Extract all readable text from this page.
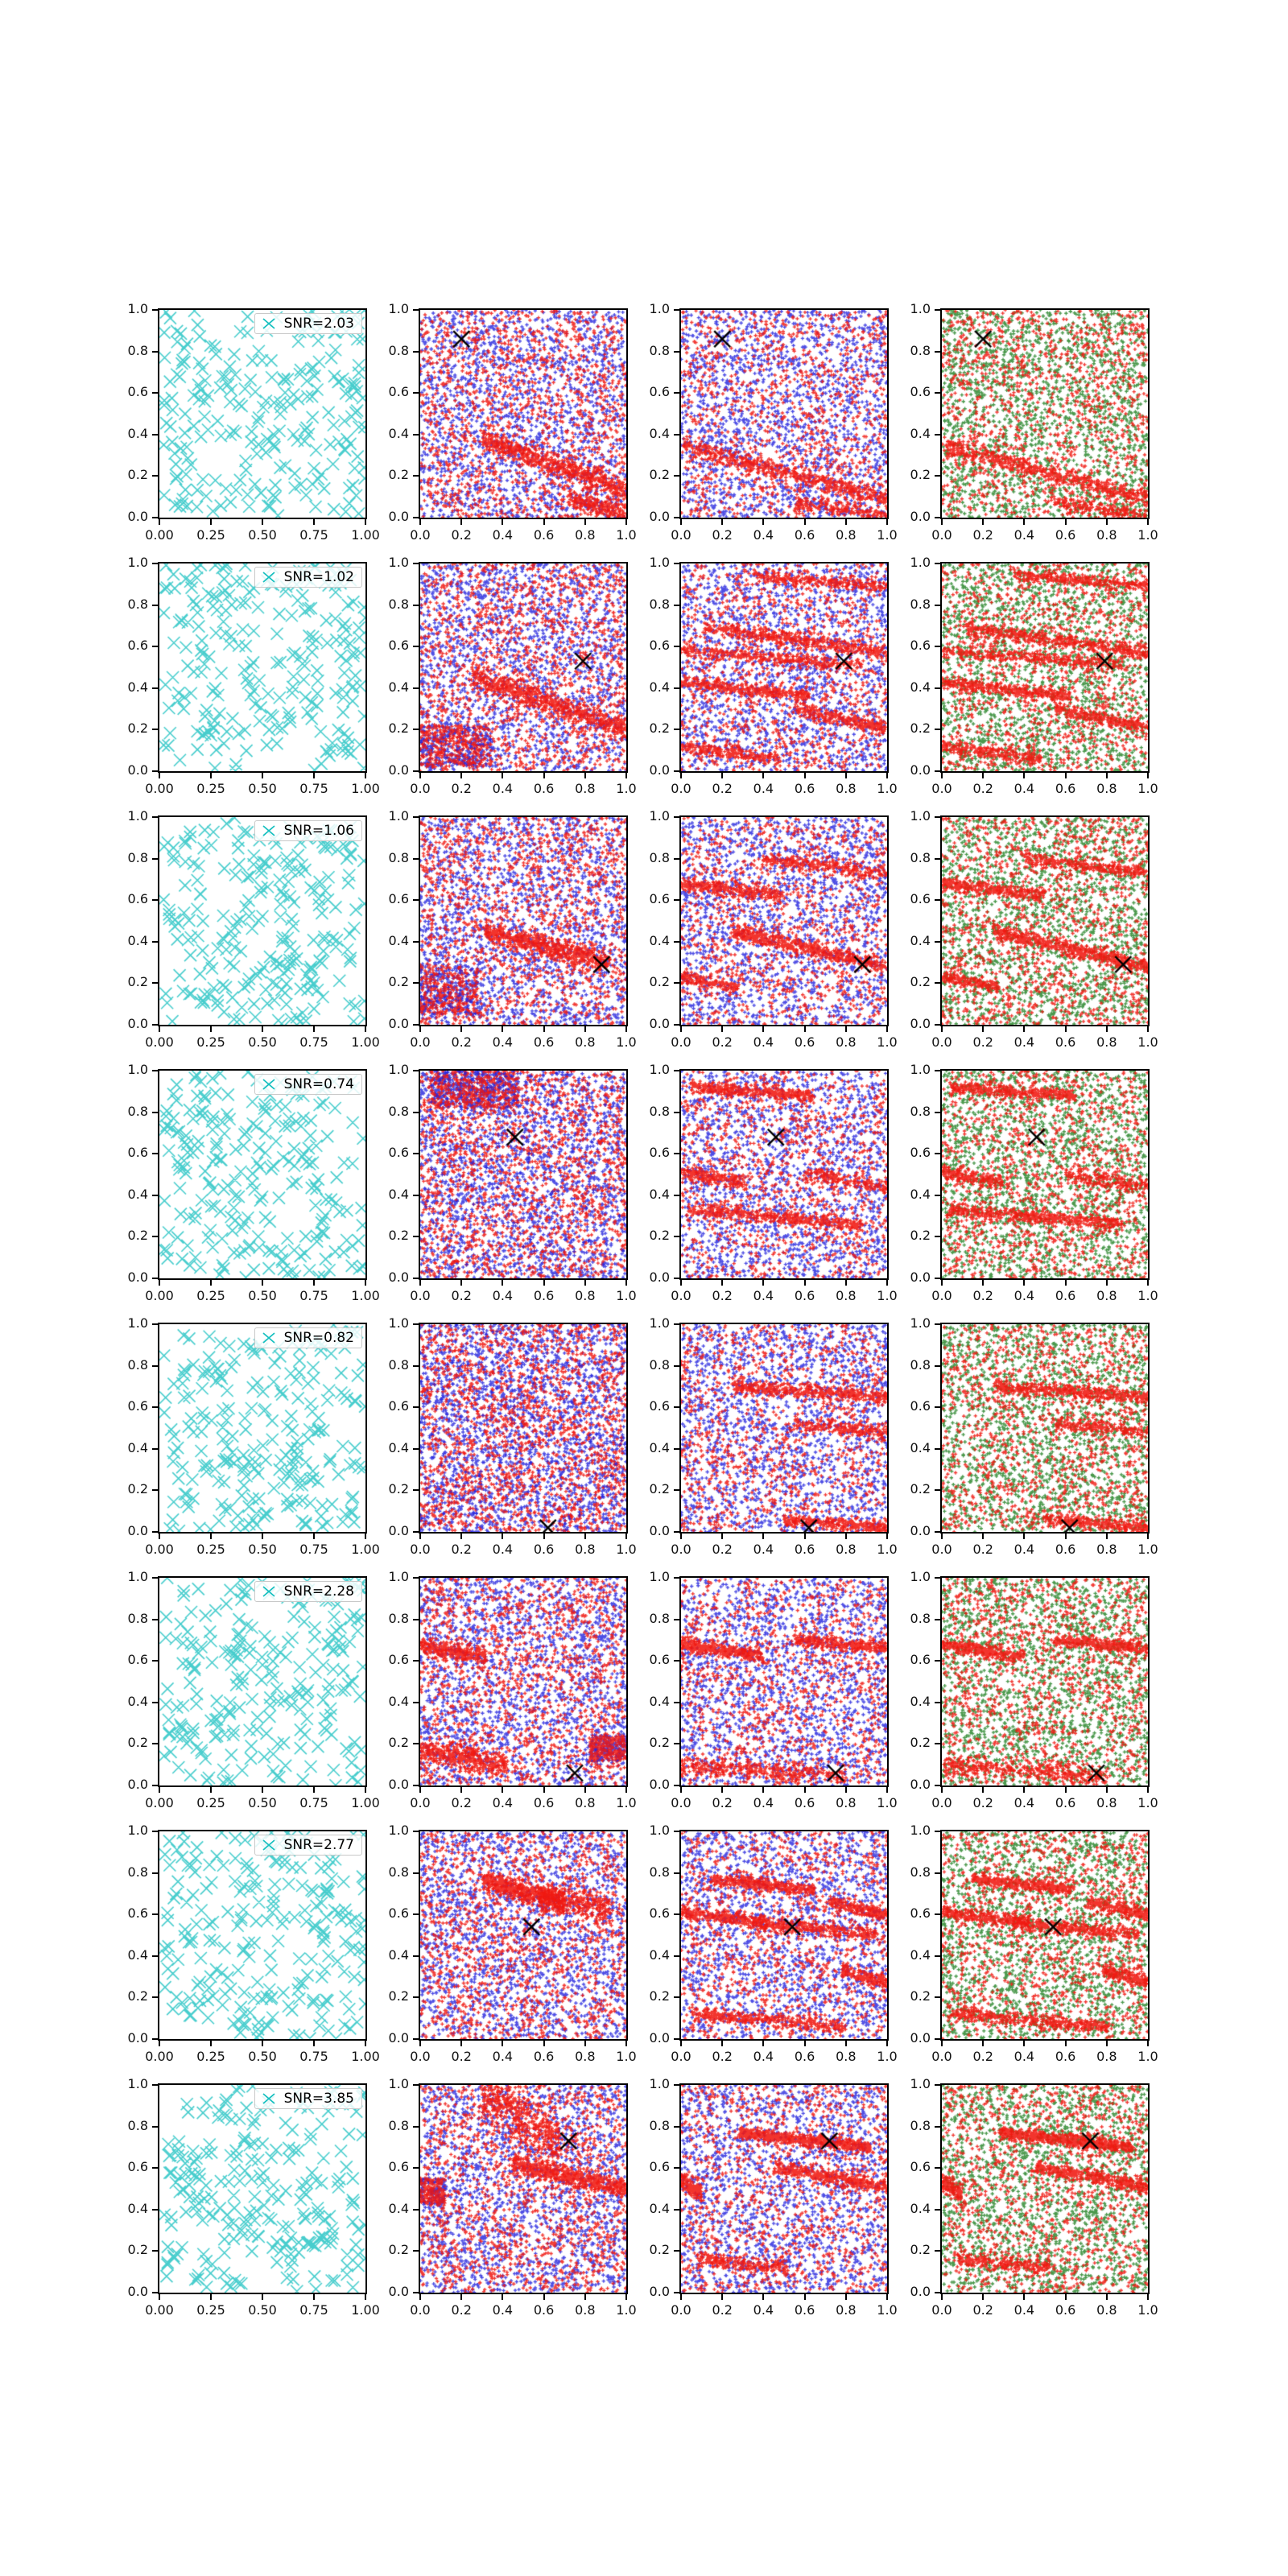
SNR=2.03
0.00	0.25	0.50	0.75	1.00
0.0
0.2
0.4
0.6
0.8
1.0
0.0	0.2	0.4	0.6	0.8	1.0
0.0
0.2
0.4
0.6
0.8
1.0
0.0	0.2	0.4	0.6	0.8	1.0
0.0
0.2
0.4
0.6
0.8
1.0
0.0	0.2	0.4	0.6	0.8	1.0
0.0
0.2
0.4
0.6
0.8
1.0
SNR=1.02
0.00	0.25	0.50	0.75	1.00
0.0
0.2
0.4
0.6
0.8
1.0
0.0	0.2	0.4	0.6	0.8	1.0
0.0
0.2
0.4
0.6
0.8
1.0
0.0	0.2	0.4	0.6	0.8	1.0
0.0
0.2
0.4
0.6
0.8
1.0
0.0	0.2	0.4	0.6	0.8	1.0
0.0
0.2
0.4
0.6
0.8
1.0
SNR=1.06
0.00	0.25	0.50	0.75	1.00
0.0
0.2
0.4
0.6
0.8
1.0
0.0	0.2	0.4	0.6	0.8	1.0
0.0
0.2
0.4
0.6
0.8
1.0
0.0	0.2	0.4	0.6	0.8	1.0
0.0
0.2
0.4
0.6
0.8
1.0
0.0	0.2	0.4	0.6	0.8	1.0
0.0
0.2
0.4
0.6
0.8
1.0
SNR=0.74
0.00	0.25	0.50	0.75	1.00
0.0
0.2
0.4
0.6
0.8
1.0
0.0	0.2	0.4	0.6	0.8	1.0
0.0
0.2
0.4
0.6
0.8
1.0
0.0	0.2	0.4	0.6	0.8	1.0
0.0
0.2
0.4
0.6
0.8
1.0
0.0	0.2	0.4	0.6	0.8	1.0
0.0
0.2
0.4
0.6
0.8
1.0
SNR=0.82
0.00	0.25	0.50	0.75	1.00
0.0
0.2
0.4
0.6
0.8
1.0
0.0	0.2	0.4	0.6	0.8	1.0
0.0
0.2
0.4
0.6
0.8
1.0
0.0	0.2	0.4	0.6	0.8	1.0
0.0
0.2
0.4
0.6
0.8
1.0
0.0	0.2	0.4	0.6	0.8	1.0
0.0
0.2
0.4
0.6
0.8
1.0
SNR=2.28
0.00	0.25	0.50	0.75	1.00
0.0
0.2
0.4
0.6
0.8
1.0
0.0	0.2	0.4	0.6	0.8	1.0
0.0
0.2
0.4
0.6
0.8
1.0
0.0	0.2	0.4	0.6	0.8	1.0
0.0
0.2
0.4
0.6
0.8
1.0
0.0	0.2	0.4	0.6	0.8	1.0
0.0
0.2
0.4
0.6
0.8
1.0
SNR=2.77
0.00	0.25	0.50	0.75	1.00
0.0
0.2
0.4
0.6
0.8
1.0
0.0	0.2	0.4	0.6	0.8	1.0
0.0
0.2
0.4
0.6
0.8
1.0
0.0	0.2	0.4	0.6	0.8	1.0
0.0
0.2
0.4
0.6
0.8
1.0
0.0	0.2	0.4	0.6	0.8	1.0
0.0
0.2
0.4
0.6
0.8
1.0
SNR=3.85
0.00	0.25	0.50	0.75	1.00
0.0
0.2
0.4
0.6
0.8
1.0
0.0	0.2	0.4	0.6	0.8	1.0
0.0
0.2
0.4
0.6
0.8
1.0
0.0	0.2	0.4	0.6	0.8	1.0
0.0
0.2
0.4
0.6
0.8
1.0
0.0	0.2	0.4	0.6	0.8	1.0
0.0
0.2
0.4
0.6
0.8
1.0
